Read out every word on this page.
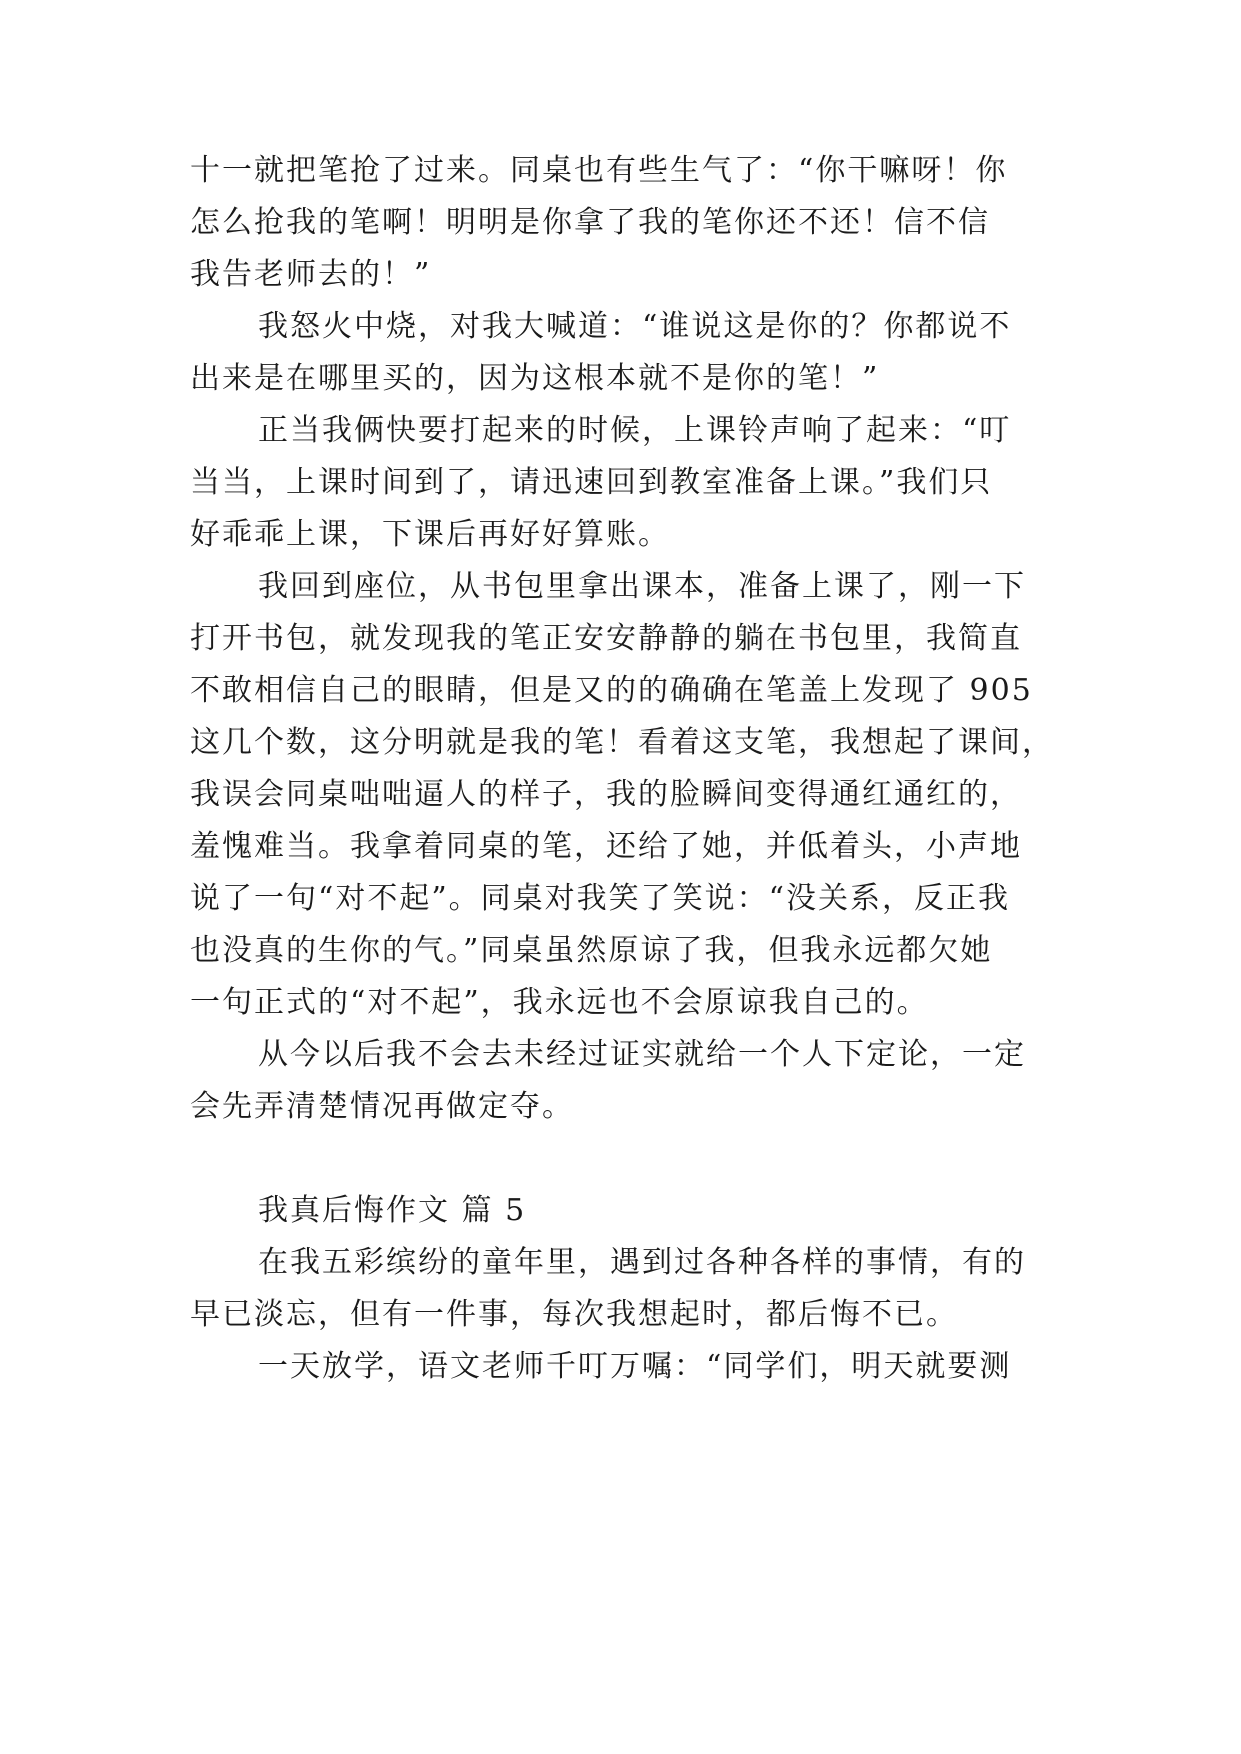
十一就把笔抢了过来。同桌也有些生气了：“你干嘛呀！你
怎么抢我的笔啊！明明是你拿了我的笔你还不还！信不信
我告老师去的！”
我怒火中烧，对我大喊道：“谁说这是你的？你都说不
出来是在哪里买的，因为这根本就不是你的笔！”
正当我俩快要打起来的时候，上课铃声响了起来：“叮
当当，上课时间到了，请迅速回到教室准备上课。”我们只
好乖乖上课，下课后再好好算账。
我回到座位，从书包里拿出课本，准备上课了，刚一下
打开书包，就发现我的笔正安安静静的躺在书包里，我简直
不敢相信自己的眼睛，但是又的的确确在笔盖上发现了 905
这几个数，这分明就是我的笔！看着这支笔，我想起了课间，
我误会同桌咄咄逼人的样子，我的脸瞬间变得通红通红的，
羞愧难当。我拿着同桌的笔，还给了她，并低着头，小声地
说了一句“对不起”。同桌对我笑了笑说：“没关系，反正我
也没真的生你的气。”同桌虽然原谅了我，但我永远都欠她
一句正式的“对不起”，我永远也不会原谅我自己的。
从今以后我不会去未经过证实就给一个人下定论，一定
会先弄清楚情况再做定夺。
我真后悔作文 篇 5
在我五彩缤纷的童年里，遇到过各种各样的事情，有的
早已淡忘，但有一件事，每次我想起时，都后悔不已。
一天放学，语文老师千叮万嘱：“同学们，明天就要测
